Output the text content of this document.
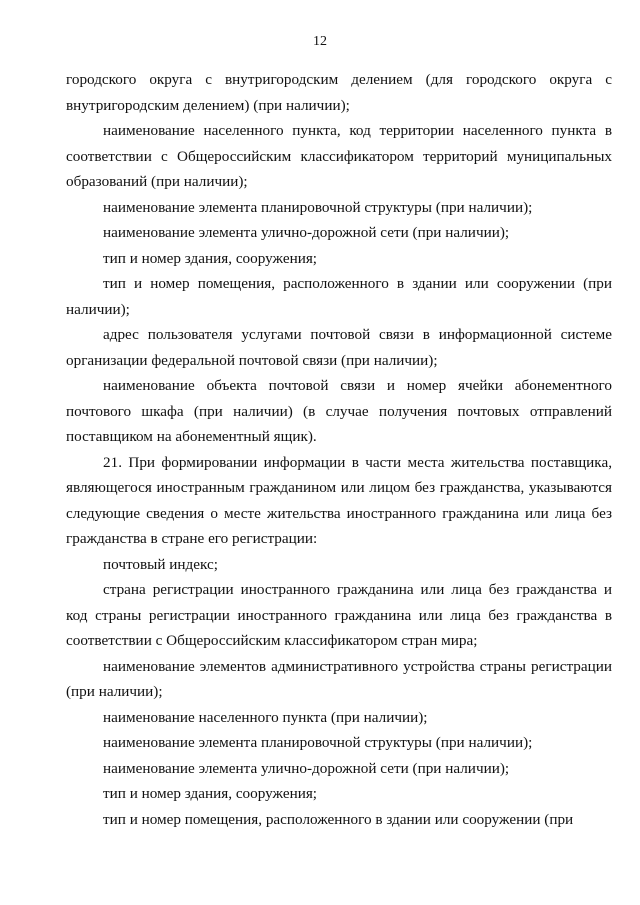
12

городского округа с внутригородским делением (для городского округа с внутригородским делением) (при наличии);

наименование населенного пункта, код территории населенного пункта в соответствии с Общероссийским классификатором территорий муниципальных образований (при наличии);

наименование элемента планировочной структуры (при наличии);

наименование элемента улично-дорожной сети (при наличии);

тип и номер здания, сооружения;

тип и номер помещения, расположенного в здании или сооружении (при наличии);

адрес пользователя услугами почтовой связи в информационной системе организации федеральной почтовой связи (при наличии);

наименование объекта почтовой связи и номер ячейки абонементного почтового шкафа (при наличии) (в случае получения почтовых отправлений поставщиком на абонементный ящик).

21. При формировании информации в части места жительства поставщика, являющегося иностранным гражданином или лицом без гражданства, указываются следующие сведения о месте жительства иностранного гражданина или лица без гражданства в стране его регистрации:

почтовый индекс;

страна регистрации иностранного гражданина или лица без гражданства и код страны регистрации иностранного гражданина или лица без гражданства в соответствии с Общероссийским классификатором стран мира;

наименование элементов административного устройства страны регистрации (при наличии);

наименование населенного пункта (при наличии);

наименование элемента планировочной структуры (при наличии);

наименование элемента улично-дорожной сети (при наличии);

тип и номер здания, сооружения;

тип и номер помещения, расположенного в здании или сооружении (при
